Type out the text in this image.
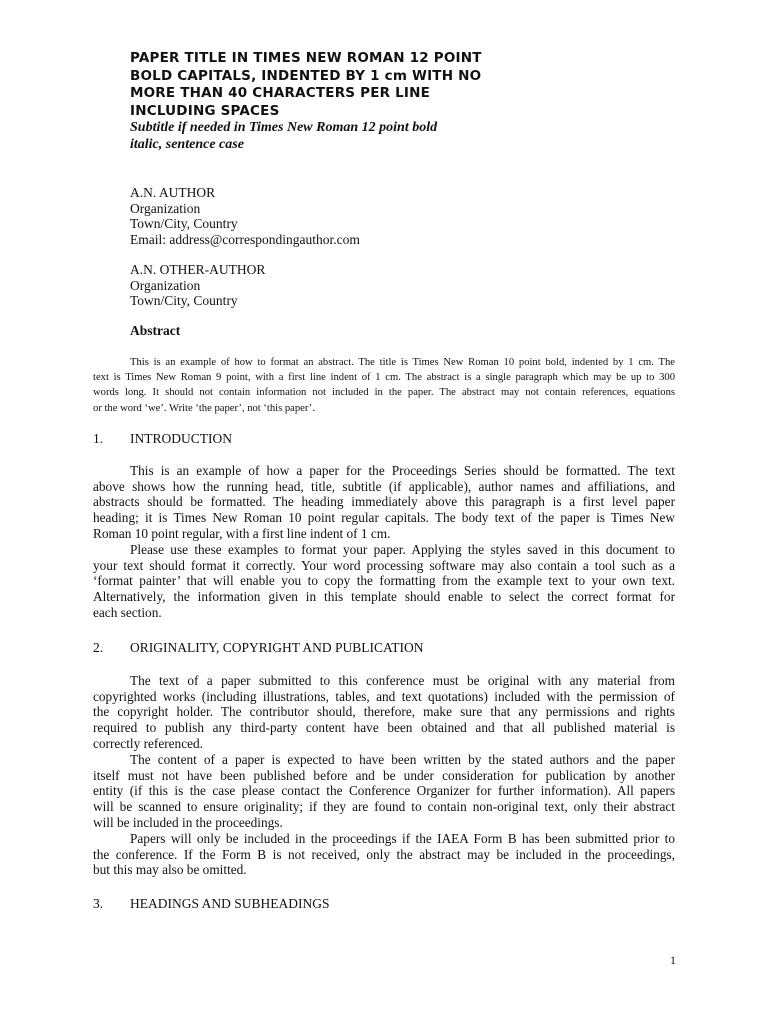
PAPER TITLE IN TIMES NEW ROMAN 12 POINT
BOLD CAPITALS, INDENTED BY 1 cm WITH NO
MORE THAN 40 CHARACTERS PER LINE
INCLUDING SPACES
Subtitle if needed in Times New Roman 12 point bold
italic, sentence case
A.N. AUTHOR
Organization
Town/City, Country
Email: address@correspondingauthor.com
A.N. OTHER-AUTHOR
Organization
Town/City, Country
Abstract
This is an example of how to format an abstract. The title is Times New Roman 10 point bold, indented by 1 cm. The
text is Times New Roman 9 point, with a first line indent of 1 cm. The abstract is a single paragraph which may be up to 300
words long. It should not contain information not included in the paper. The abstract may not contain references, equations
or the word ‘we’. Write ‘the paper’, not ‘this paper’.
1. INTRODUCTION
This is an example of how a paper for the Proceedings Series should be formatted. The text
above shows how the running head, title, subtitle (if applicable), author names and affiliations, and
abstracts should be formatted. The heading immediately above this paragraph is a first level paper
heading; it is Times New Roman 10 point regular capitals. The body text of the paper is Times New
Roman 10 point regular, with a first line indent of 1 cm.
Please use these examples to format your paper. Applying the styles saved in this document to
your text should format it correctly. Your word processing software may also contain a tool such as a
‘format painter’ that will enable you to copy the formatting from the example text to your own text.
Alternatively, the information given in this template should enable to select the correct format for
each section.
2. ORIGINALITY, COPYRIGHT AND PUBLICATION
The text of a paper submitted to this conference must be original with any material from
copyrighted works (including illustrations, tables, and text quotations) included with the permission of
the copyright holder. The contributor should, therefore, make sure that any permissions and rights
required to publish any third-party content have been obtained and that all published material is
correctly referenced.
The content of a paper is expected to have been written by the stated authors and the paper
itself must not have been published before and be under consideration for publication by another
entity (if this is the case please contact the Conference Organizer for further information). All papers
will be scanned to ensure originality; if they are found to contain non-original text, only their abstract
will be included in the proceedings.
Papers will only be included in the proceedings if the IAEA Form B has been submitted prior to
the conference. If the Form B is not received, only the abstract may be included in the proceedings,
but this may also be omitted.
3. HEADINGS AND SUBHEADINGS
1
